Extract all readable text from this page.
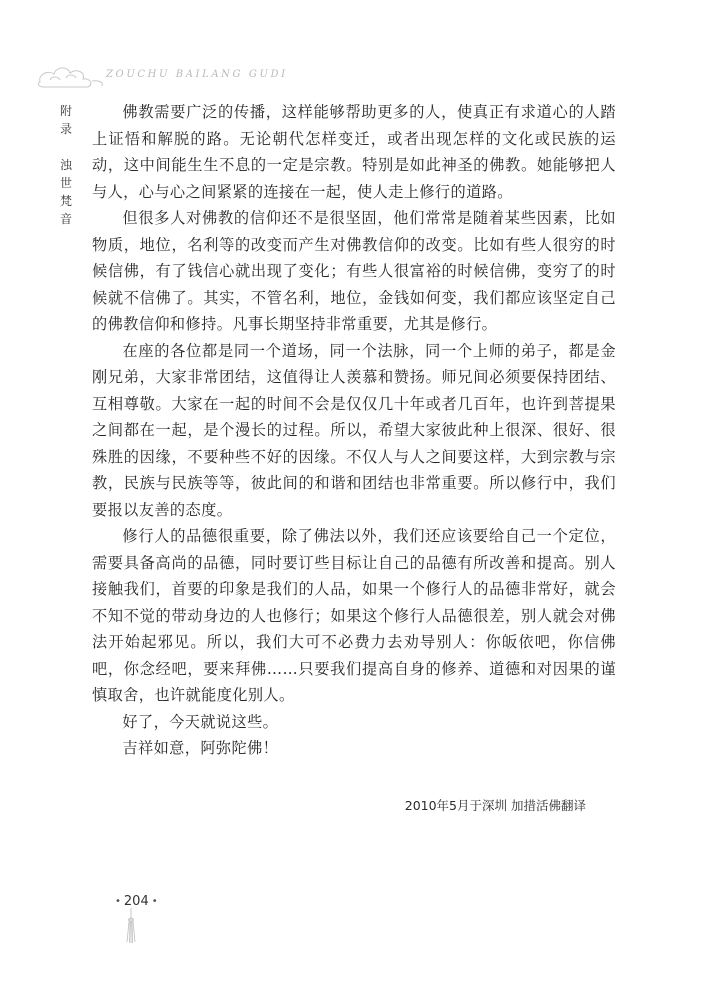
ZOUCHU BAILANG GUDI
附
录
浊
世
梵
音

佛教需要广泛的传播，这样能够帮助更多的人，使真正有求道心的人踏上证悟和解脱的路。无论朝代怎样变迁，或者出现怎样的文化或民族的运动，这中间能生生不息的一定是宗教。特别是如此神圣的佛教。她能够把人与人，心与心之间紧紧的连接在一起，使人走上修行的道路。

但很多人对佛教的信仰还不是很坚固，他们常常是随着某些因素，比如物质，地位，名利等的改变而产生对佛教信仰的改变。比如有些人很穷的时候信佛，有了钱信心就出现了变化；有些人很富裕的时候信佛，变穷了的时候就不信佛了。其实，不管名利，地位，金钱如何变，我们都应该坚定自己的佛教信仰和修持。凡事长期坚持非常重要，尤其是修行。

在座的各位都是同一个道场，同一个法脉，同一个上师的弟子，都是金刚兄弟，大家非常团结，这值得让人羡慕和赞扬。师兄间必须要保持团结、互相尊敬。大家在一起的时间不会是仅仅几十年或者几百年，也许到菩提果之间都在一起，是个漫长的过程。所以，希望大家彼此种上很深、很好、很殊胜的因缘，不要种些不好的因缘。不仅人与人之间要这样，大到宗教与宗教，民族与民族等等，彼此间的和谐和团结也非常重要。所以修行中，我们要报以友善的态度。

修行人的品德很重要，除了佛法以外，我们还应该要给自己一个定位，需要具备高尚的品德，同时要订些目标让自己的品德有所改善和提高。别人接触我们，首要的印象是我们的人品，如果一个修行人的品德非常好，就会不知不觉的带动身边的人也修行；如果这个修行人品德很差，别人就会对佛法开始起邪见。所以，我们大可不必费力去劝导别人：你皈依吧，你信佛吧，你念经吧，要来拜佛……只要我们提高自身的修养、道德和对因果的谨慎取舍，也许就能度化别人。

好了，今天就说这些。

吉祥如意，阿弥陀佛！

2010年5月于深圳 加措活佛翻译
• 204 •
